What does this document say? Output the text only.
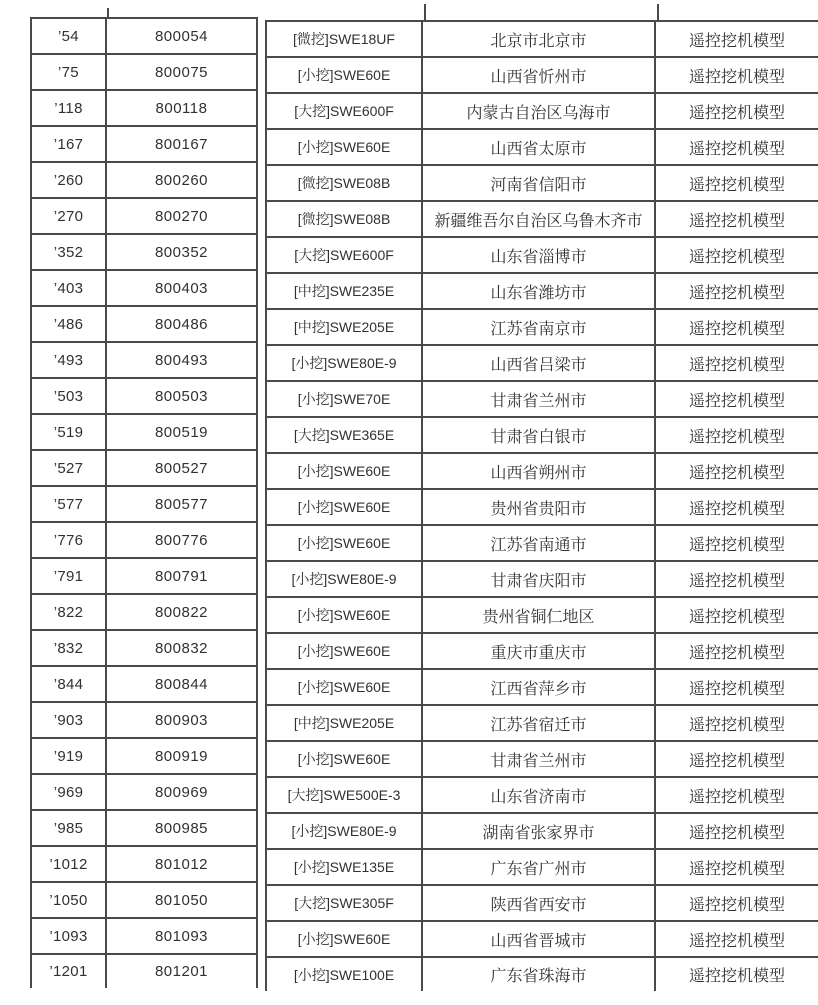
’54	800054
’75	800075
’118	800118
’167	800167
’260	800260
’270	800270
’352	800352
’403	800403
’486	800486
’493	800493
’503	800503
’519	800519
’527	800527
’577	800577
’776	800776
’791	800791
’822	800822
’832	800832
’844	800844
’903	800903
’919	800919
’969	800969
’985	800985
’1012	801012
’1050	801050
’1093	801093
’1201	801201
[微挖]SWE18UF	北京市北京市	遥控挖机模型
[小挖]SWE60E	山西省忻州市	遥控挖机模型
[大挖]SWE600F	内蒙古自治区乌海市	遥控挖机模型
[小挖]SWE60E	山西省太原市	遥控挖机模型
[微挖]SWE08B	河南省信阳市	遥控挖机模型
[微挖]SWE08B	新疆维吾尔自治区乌鲁木齐市	遥控挖机模型
[大挖]SWE600F	山东省淄博市	遥控挖机模型
[中挖]SWE235E	山东省潍坊市	遥控挖机模型
[中挖]SWE205E	江苏省南京市	遥控挖机模型
[小挖]SWE80E-9	山西省吕梁市	遥控挖机模型
[小挖]SWE70E	甘肃省兰州市	遥控挖机模型
[大挖]SWE365E	甘肃省白银市	遥控挖机模型
[小挖]SWE60E	山西省朔州市	遥控挖机模型
[小挖]SWE60E	贵州省贵阳市	遥控挖机模型
[小挖]SWE60E	江苏省南通市	遥控挖机模型
[小挖]SWE80E-9	甘肃省庆阳市	遥控挖机模型
[小挖]SWE60E	贵州省铜仁地区	遥控挖机模型
[小挖]SWE60E	重庆市重庆市	遥控挖机模型
[小挖]SWE60E	江西省萍乡市	遥控挖机模型
[中挖]SWE205E	江苏省宿迁市	遥控挖机模型
[小挖]SWE60E	甘肃省兰州市	遥控挖机模型
[大挖]SWE500E-3	山东省济南市	遥控挖机模型
[小挖]SWE80E-9	湖南省张家界市	遥控挖机模型
[小挖]SWE135E	广东省广州市	遥控挖机模型
[大挖]SWE305F	陕西省西安市	遥控挖机模型
[小挖]SWE60E	山西省晋城市	遥控挖机模型
[小挖]SWE100E	广东省珠海市	遥控挖机模型
